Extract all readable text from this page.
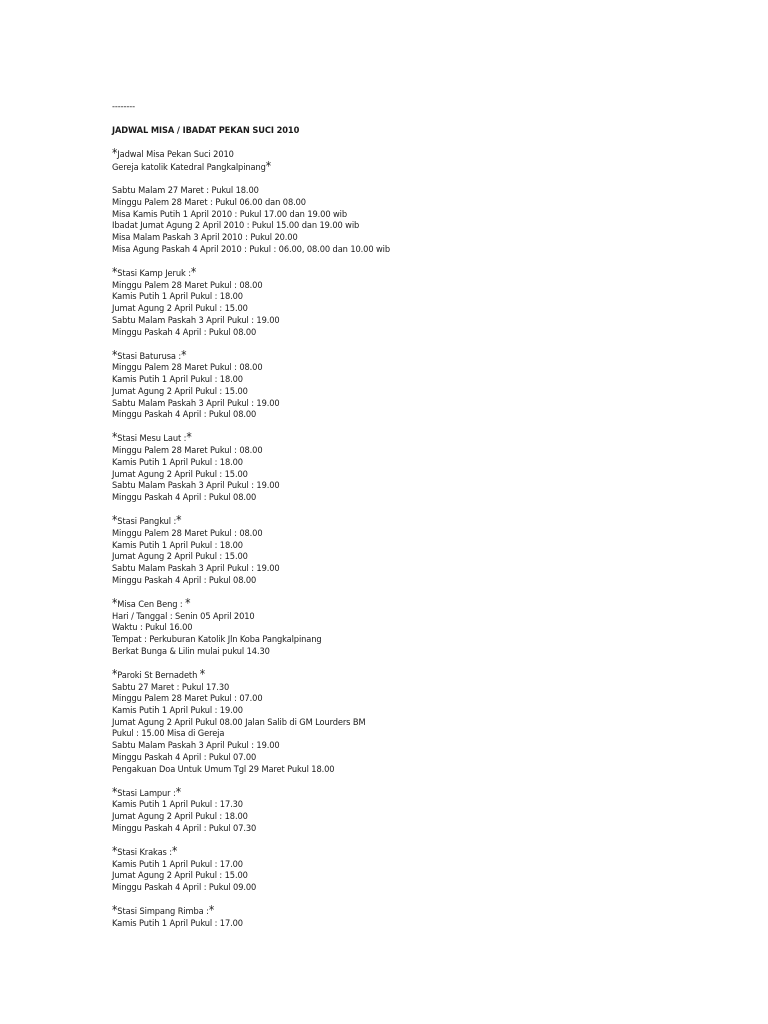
--------
JADWAL MISA / IBADAT PEKAN SUCI 2010
*Jadwal Misa Pekan Suci 2010
Gereja katolik Katedral Pangkalpinang*
Sabtu Malam 27 Maret : Pukul 18.00
Minggu Palem 28 Maret : Pukul 06.00 dan 08.00
Misa Kamis Putih 1 April 2010 : Pukul 17.00 dan 19.00 wib
Ibadat Jumat Agung 2 April 2010 : Pukul 15.00 dan 19.00 wib
Misa Malam Paskah 3 April 2010 : Pukul 20.00
Misa Agung Paskah 4 April 2010 : Pukul : 06.00, 08.00 dan 10.00 wib
*Stasi Kamp Jeruk :*
Minggu Palem 28 Maret Pukul : 08.00
Kamis Putih 1 April Pukul : 18.00
Jumat Agung 2 April Pukul : 15.00
Sabtu Malam Paskah 3 April Pukul : 19.00
Minggu Paskah 4 April : Pukul 08.00
*Stasi Baturusa :*
Minggu Palem 28 Maret Pukul : 08.00
Kamis Putih 1 April Pukul : 18.00
Jumat Agung 2 April Pukul : 15.00
Sabtu Malam Paskah 3 April Pukul : 19.00
Minggu Paskah 4 April : Pukul 08.00
*Stasi Mesu Laut :*
Minggu Palem 28 Maret Pukul : 08.00
Kamis Putih 1 April Pukul : 18.00
Jumat Agung 2 April Pukul : 15.00
Sabtu Malam Paskah 3 April Pukul : 19.00
Minggu Paskah 4 April : Pukul 08.00
*Stasi Pangkul :*
Minggu Palem 28 Maret Pukul : 08.00
Kamis Putih 1 April Pukul : 18.00
Jumat Agung 2 April Pukul : 15.00
Sabtu Malam Paskah 3 April Pukul : 19.00
Minggu Paskah 4 April : Pukul 08.00
*Misa Cen Beng : *
Hari / Tanggal : Senin 05 April 2010
Waktu : Pukul 16.00
Tempat : Perkuburan Katolik Jln Koba Pangkalpinang
Berkat Bunga & Lilin mulai pukul 14.30
*Paroki St Bernadeth *
Sabtu 27 Maret : Pukul 17.30
Minggu Palem 28 Maret Pukul : 07.00
Kamis Putih 1 April Pukul : 19.00
Jumat Agung 2 April Pukul 08.00 Jalan Salib di GM Lourders BM
Pukul : 15.00 Misa di Gereja
Sabtu Malam Paskah 3 April Pukul : 19.00
Minggu Paskah 4 April : Pukul 07.00
Pengakuan Doa Untuk Umum Tgl 29 Maret Pukul 18.00
*Stasi Lampur :*
Kamis Putih 1 April Pukul : 17.30
Jumat Agung 2 April Pukul : 18.00
Minggu Paskah 4 April : Pukul 07.30
*Stasi Krakas :*
Kamis Putih 1 April Pukul : 17.00
Jumat Agung 2 April Pukul : 15.00
Minggu Paskah 4 April : Pukul 09.00
*Stasi Simpang Rimba :*
Kamis Putih 1 April Pukul : 17.00
